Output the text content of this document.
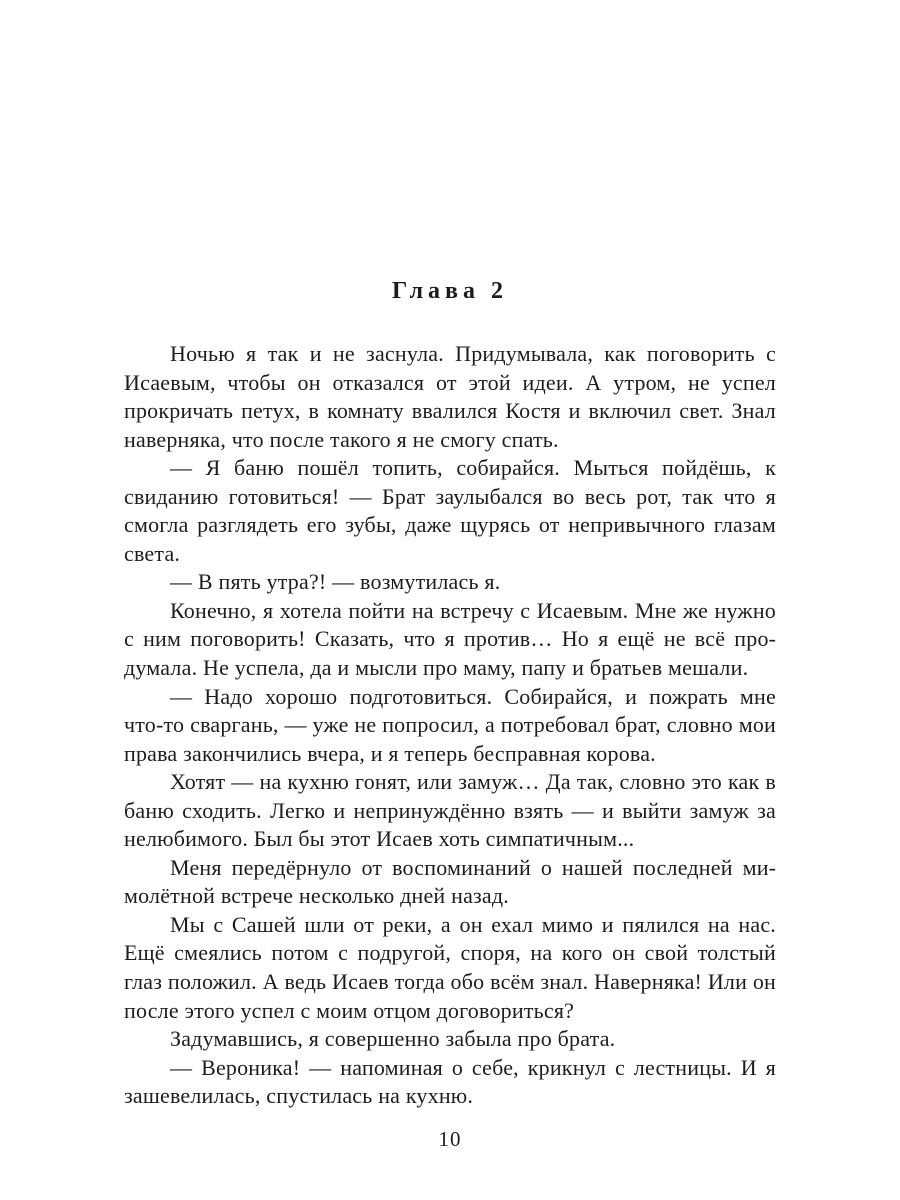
Глава 2

Ночью я так и не заснула. Придумывала, как поговорить с Исаевым, чтобы он отказался от этой идеи. А утром, не успел прокричать петух, в комнату ввалился Костя и включил свет. Знал наверняка, что после такого я не смогу спать.

— Я баню пошёл топить, собирайся. Мыться пойдёшь, к свиданию готовиться! — Брат заулыбался во весь рот, так что я смогла разглядеть его зубы, даже щурясь от непривычного глазам света.

— В пять утра?! — возмутилась я.

Конечно, я хотела пойти на встречу с Исаевым. Мне же нужно с ним поговорить! Сказать, что я против… Но я ещё не всё продумала. Не успела, да и мысли про маму, папу и братьев мешали.

— Надо хорошо подготовиться. Собирайся, и пожрать мне что-то сваргань, — уже не попросил, а потребовал брат, словно мои права закончились вчера, и я теперь бесправная корова.

Хотят — на кухню гонят, или замуж… Да так, словно это как в баню сходить. Легко и непринуждённо взять — и выйти замуж за нелюбимого. Был бы этот Исаев хоть симпатичным...

Меня передёрнуло от воспоминаний о нашей последней мимолётной встрече несколько дней назад.

Мы с Сашей шли от реки, а он ехал мимо и пялился на нас. Ещё смеялись потом с подругой, споря, на кого он свой толстый глаз положил. А ведь Исаев тогда обо всём знал. Наверняка! Или он после этого успел с моим отцом договориться?

Задумавшись, я совершенно забыла про брата.

— Вероника! — напоминая о себе, крикнул с лестницы. И я зашевелилась, спустилась на кухню.

10
